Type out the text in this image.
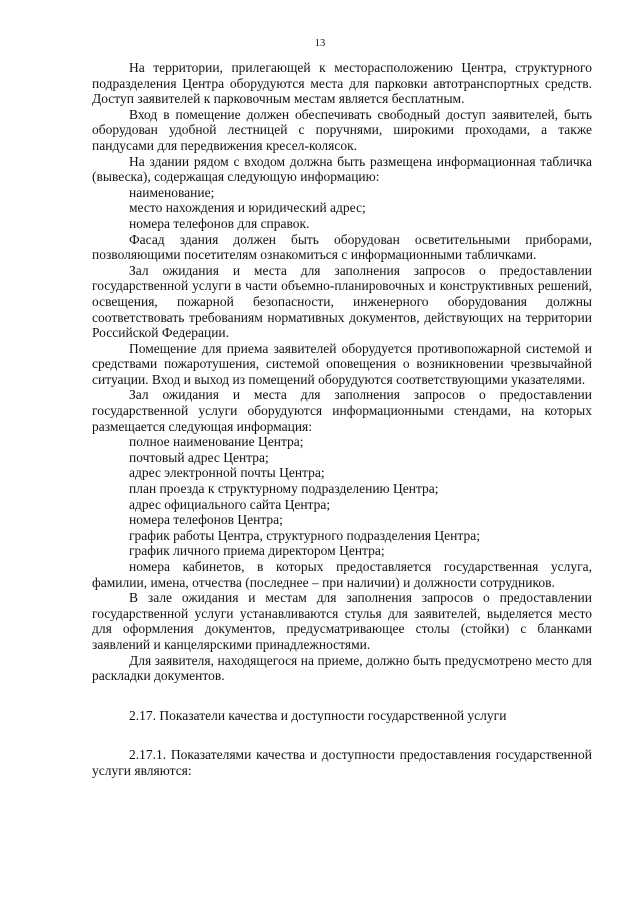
13

На территории, прилегающей к месторасположению Центра, структурного подразделения Центра оборудуются места для парковки автотранспортных средств. Доступ заявителей к парковочным местам является бесплатным.

Вход в помещение должен обеспечивать свободный доступ заявителей, быть оборудован удобной лестницей с поручнями, широкими проходами, а также пандусами для передвижения кресел-колясок.

На здании рядом с входом должна быть размещена информационная табличка (вывеска), содержащая следующую информацию:

наименование;

место нахождения и юридический адрес;

номера телефонов для справок.

Фасад здания должен быть оборудован осветительными приборами, позволяющими посетителям ознакомиться с информационными табличками.

Зал ожидания и места для заполнения запросов о предоставлении государственной услуги в части объемно-планировочных и конструктивных решений, освещения, пожарной безопасности, инженерного оборудования должны соответствовать требованиям нормативных документов, действующих на территории Российской Федерации.

Помещение для приема заявителей оборудуется противопожарной системой и средствами пожаротушения, системой оповещения о возникновении чрезвычайной ситуации. Вход и выход из помещений оборудуются соответствующими указателями.

Зал ожидания и места для заполнения запросов о предоставлении государственной услуги оборудуются информационными стендами, на которых размещается следующая информация:

полное наименование Центра;

почтовый адрес Центра;

адрес электронной почты Центра;

план проезда к структурному подразделению Центра;

адрес официального сайта Центра;

номера телефонов Центра;

график работы Центра, структурного подразделения Центра;

график личного приема директором Центра;

номера кабинетов, в которых предоставляется государственная услуга, фамилии, имена, отчества (последнее – при наличии) и должности сотрудников.

В зале ожидания и местам для заполнения запросов о предоставлении государственной услуги устанавливаются стулья для заявителей, выделяется место для оформления документов, предусматривающее столы (стойки) с бланками заявлений и канцелярскими принадлежностями.

Для заявителя, находящегося на приеме, должно быть предусмотрено место для раскладки документов.

2.17. Показатели качества и доступности государственной услуги

2.17.1. Показателями качества и доступности предоставления государственной услуги являются:
